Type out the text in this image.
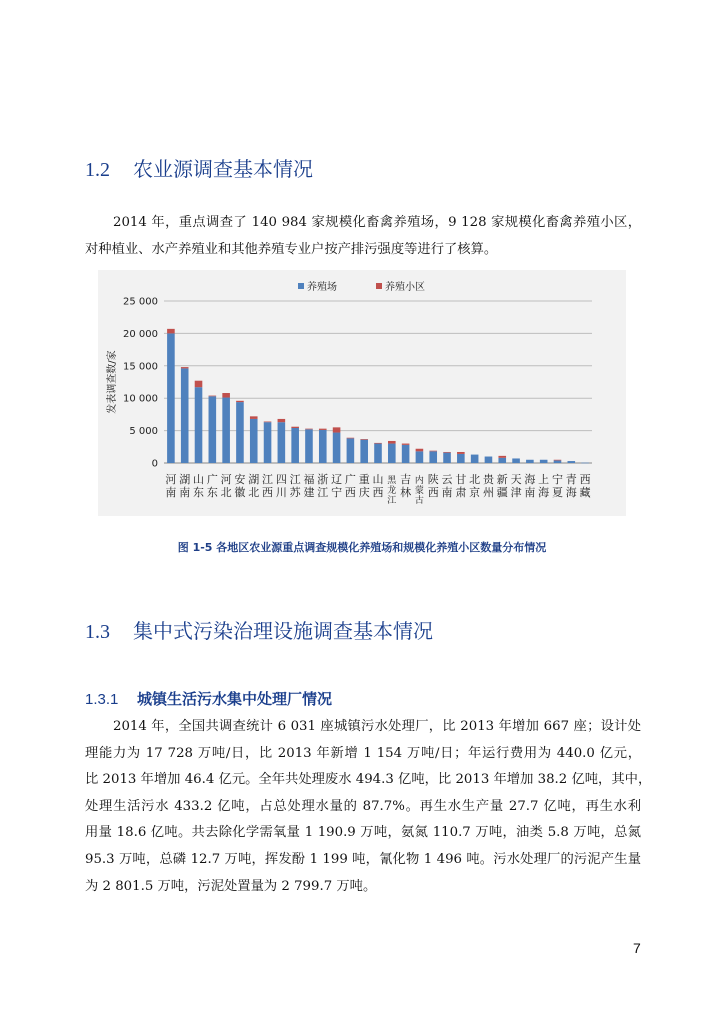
1.2 农业源调查基本情况
2014 年，重点调查了 140 984 家规模化畜禽养殖场，9 128 家规模化畜禽养殖小区，
对种植业、水产养殖业和其他养殖专业户按产排污强度等进行了核算。
0
5 000
10 000
15 000
20 000
25 000
发表调查数/家
河
南
湖
南
山
东
广
东
河
北
安
徽
湖
北
江
西
四
川
江
苏
福
建
浙
江
辽
宁
广
西
重
庆
山
西
黑
龙
江
吉
林
内
蒙
古
陕
西
云
南
甘
肃
北
京
贵
州
新
疆
天
津
海
南
上
海
宁
夏
青
海
西
藏
养殖场	养殖小区
图 1-5 各地区农业源重点调查规模化养殖场和规模化养殖小区数量分布情况
1.3 集中式污染治理设施调查基本情况
1.3.1 城镇生活污水集中处理厂情况
2014 年，全国共调查统计 6 031 座城镇污水处理厂，比 2013 年增加 667 座；设计处
理能力为 17 728 万吨/日，比 2013 年新增 1 154 万吨/日；年运行费用为 440.0 亿元，
比 2013 年增加 46.4 亿元。全年共处理废水 494.3 亿吨，比 2013 年增加 38.2 亿吨，其中，
处理生活污水 433.2 亿吨，占总处理水量的 87.7%。再生水生产量 27.7 亿吨，再生水利
用量 18.6 亿吨。共去除化学需氧量 1 190.9 万吨，氨氮 110.7 万吨，油类 5.8 万吨，总氮
95.3 万吨，总磷 12.7 万吨，挥发酚 1 199 吨，氰化物 1 496 吨。污水处理厂的污泥产生量
为 2 801.5 万吨，污泥处置量为 2 799.7 万吨。
7
